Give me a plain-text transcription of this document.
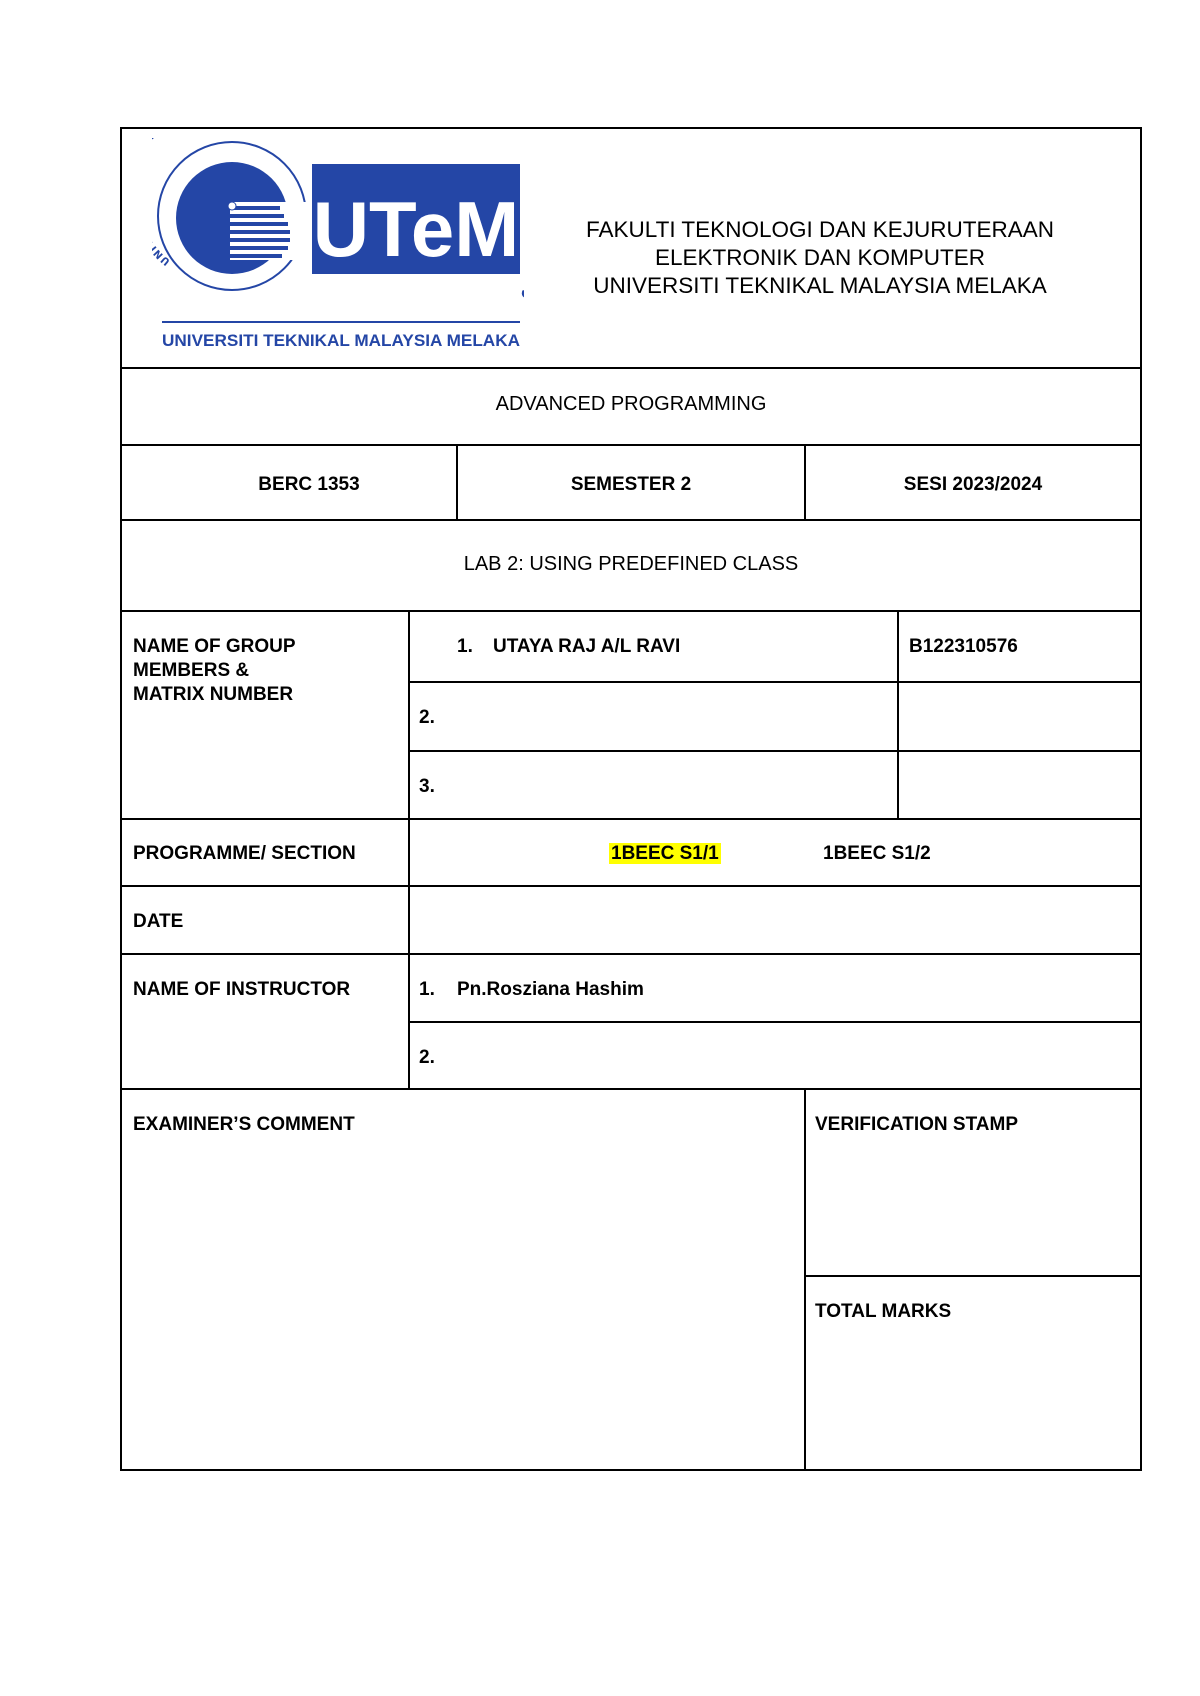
UN	UTeM
UNIVERSITI TEKNIKAL MALAYSIA MELAKA
FAKULTI TEKNOLOGI DAN KEJURUTERAAN
ELEKTRONIK DAN KOMPUTER
UNIVERSITI TEKNIKAL MALAYSIA MELAKA
ADVANCED PROGRAMMING
BERC 1353	SEMESTER 2	SESI 2023/2024
LAB 2: USING PREDEFINED CLASS
NAME OF GROUP
MEMBERS &
MATRIX NUMBER
1. UTAYA RAJ A/L RAVI	B122310576
2.
3.
PROGRAMME/ SECTION	1BEEC S1/1	1BEEC S1/2
DATE
NAME OF INSTRUCTOR	1. Pn.Rosziana Hashim
2.
EXAMINER’S COMMENT	VERIFICATION STAMP
TOTAL MARKS
